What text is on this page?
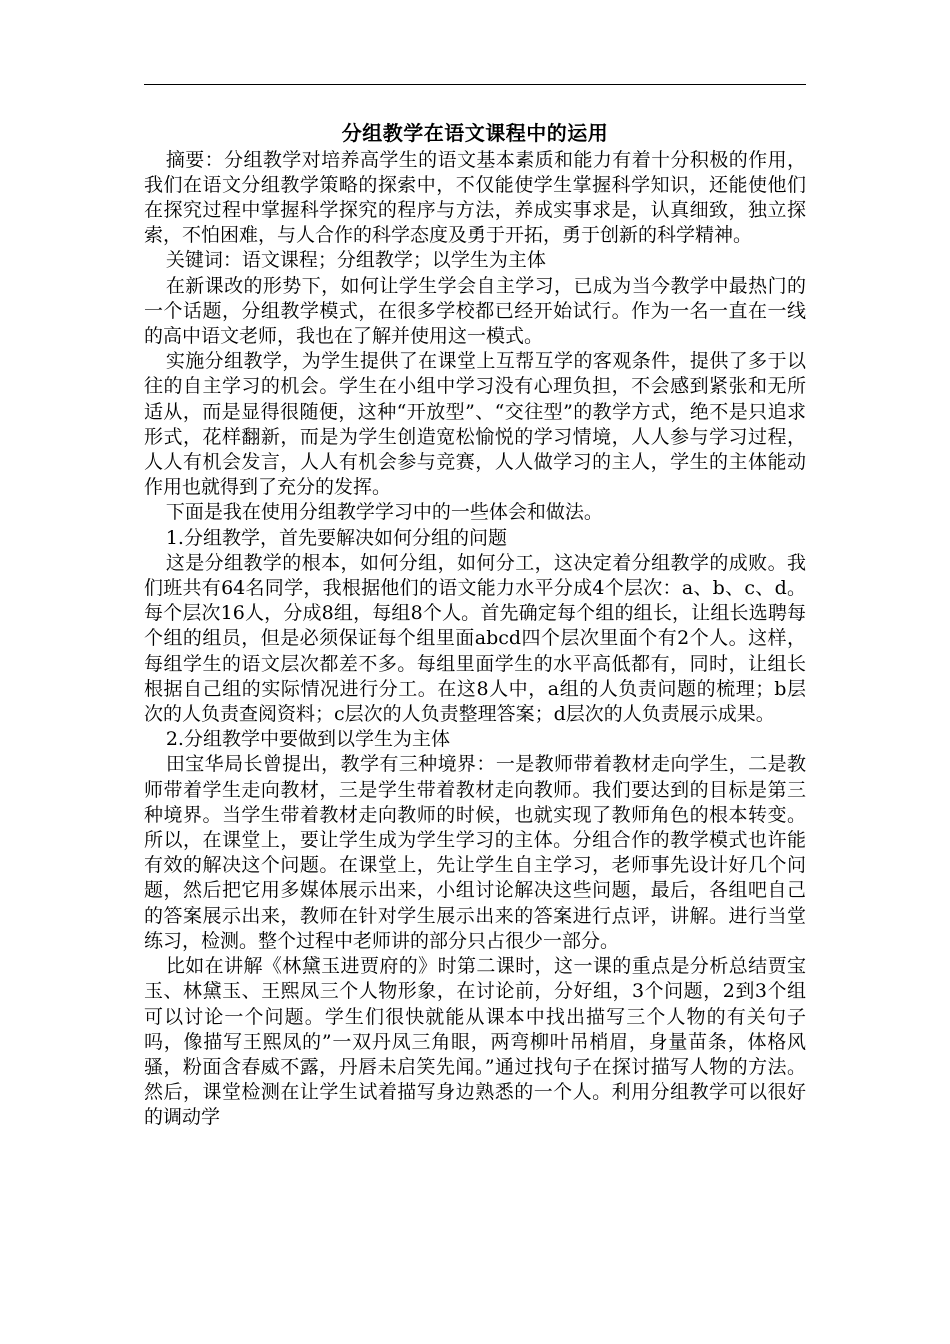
分组教学在语文课程中的运用

摘要：分组教学对培养高学生的语文基本素质和能力有着十分积极的作用，我们在语文分组教学策略的探索中，不仅能使学生掌握科学知识，还能使他们在探究过程中掌握科学探究的程序与方法，养成实事求是，认真细致，独立探索，不怕困难，与人合作的科学态度及勇于开拓，勇于创新的科学精神。

关键词：语文课程；分组教学；以学生为主体

在新课改的形势下，如何让学生学会自主学习，已成为当今教学中最热门的一个话题，分组教学模式，在很多学校都已经开始试行。作为一名一直在一线的高中语文老师，我也在了解并使用这一模式。

实施分组教学，为学生提供了在课堂上互帮互学的客观条件，提供了多于以往的自主学习的机会。学生在小组中学习没有心理负担，不会感到紧张和无所适从，而是显得很随便，这种“开放型”、“交往型”的教学方式，绝不是只追求形式，花样翻新，而是为学生创造宽松愉悦的学习情境，人人参与学习过程，人人有机会发言，人人有机会参与竞赛，人人做学习的主人，学生的主体能动作用也就得到了充分的发挥。

下面是我在使用分组教学学习中的一些体会和做法。

1.分组教学，首先要解决如何分组的问题

这是分组教学的根本，如何分组，如何分工，这决定着分组教学的成败。我们班共有64名同学，我根据他们的语文能力水平分成4个层次：a、b、c、d。每个层次16人，分成8组，每组8个人。首先确定每个组的组长，让组长选聘每个组的组员，但是必须保证每个组里面abcd四个层次里面个有2个人。这样，每组学生的语文层次都差不多。每组里面学生的水平高低都有，同时，让组长根据自己组的实际情况进行分工。在这8人中，a组的人负责问题的梳理；b层次的人负责查阅资料；c层次的人负责整理答案；d层次的人负责展示成果。

2.分组教学中要做到以学生为主体

田宝华局长曾提出，教学有三种境界：一是教师带着教材走向学生，二是教师带着学生走向教材，三是学生带着教材走向教师。我们要达到的目标是第三种境界。当学生带着教材走向教师的时候，也就实现了教师角色的根本转变。所以，在课堂上，要让学生成为学生学习的主体。分组合作的教学模式也许能有效的解决这个问题。在课堂上，先让学生自主学习，老师事先设计好几个问题，然后把它用多媒体展示出来，小组讨论解决这些问题，最后，各组吧自己的答案展示出来，教师在针对学生展示出来的答案进行点评，讲解。进行当堂练习，检测。整个过程中老师讲的部分只占很少一部分。

比如在讲解《林黛玉进贾府的》时第二课时，这一课的重点是分析总结贾宝玉、林黛玉、王熙凤三个人物形象，在讨论前，分好组，3个问题，2到3个组可以讨论一个问题。学生们很快就能从课本中找出描写三个人物的有关句子吗，像描写王熙凤的”一双丹凤三角眼，两弯柳叶吊梢眉，身量苗条，体格风骚，粉面含春威不露，丹唇未启笑先闻。”通过找句子在探讨描写人物的方法。然后，课堂检测在让学生试着描写身边熟悉的一个人。利用分组教学可以很好的调动学
